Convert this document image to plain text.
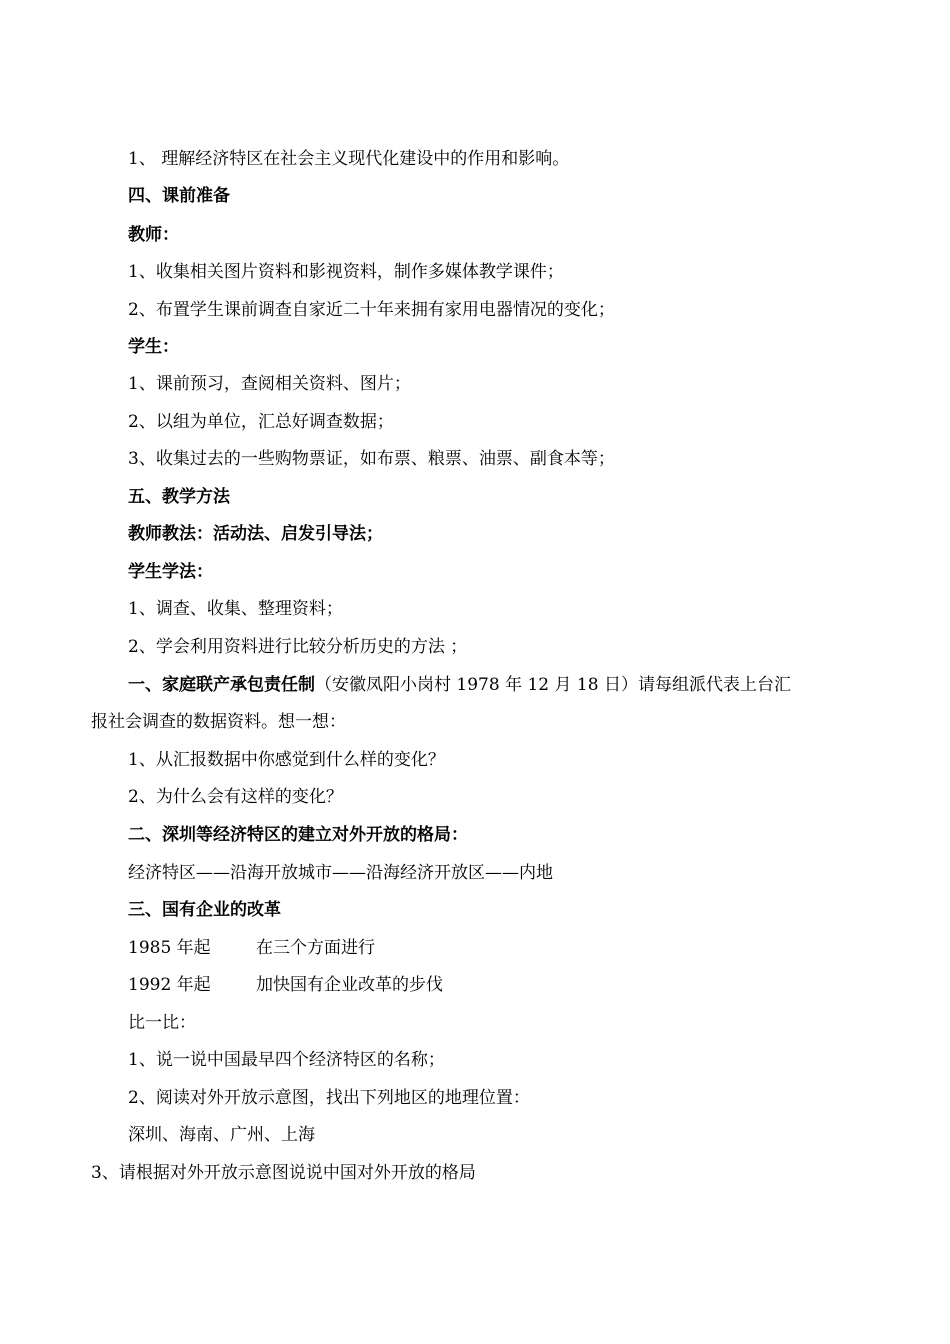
1、 理解经济特区在社会主义现代化建设中的作用和影响。
四、课前准备
教师：
1、收集相关图片资料和影视资料，制作多媒体教学课件；
2、布置学生课前调查自家近二十年来拥有家用电器情况的变化；
学生：
1、课前预习，查阅相关资料、图片；
2、以组为单位，汇总好调查数据；
3、收集过去的一些购物票证，如布票、粮票、油票、副食本等；
五、教学方法
教师教法：活动法、启发引导法；
学生学法：
1、调查、收集、整理资料；
2、学会利用资料进行比较分析历史的方法 ；
一、家庭联产承包责任制（安徽凤阳小岗村 1978 年 12 月 18 日）请每组派代表上台汇
报社会调查的数据资料。想一想：
1、从汇报数据中你感觉到什么样的变化？
2、为什么会有这样的变化？
二、深圳等经济特区的建立对外开放的格局：
经济特区——沿海开放城市——沿海经济开放区——内地
三、国有企业的改革
1985 年起	在三个方面进行
1992 年起	加快国有企业改革的步伐
比一比：
1、说一说中国最早四个经济特区的名称；
2、阅读对外开放示意图，找出下列地区的地理位置：
深圳、海南、广州、上海
3、请根据对外开放示意图说说中国对外开放的格局
